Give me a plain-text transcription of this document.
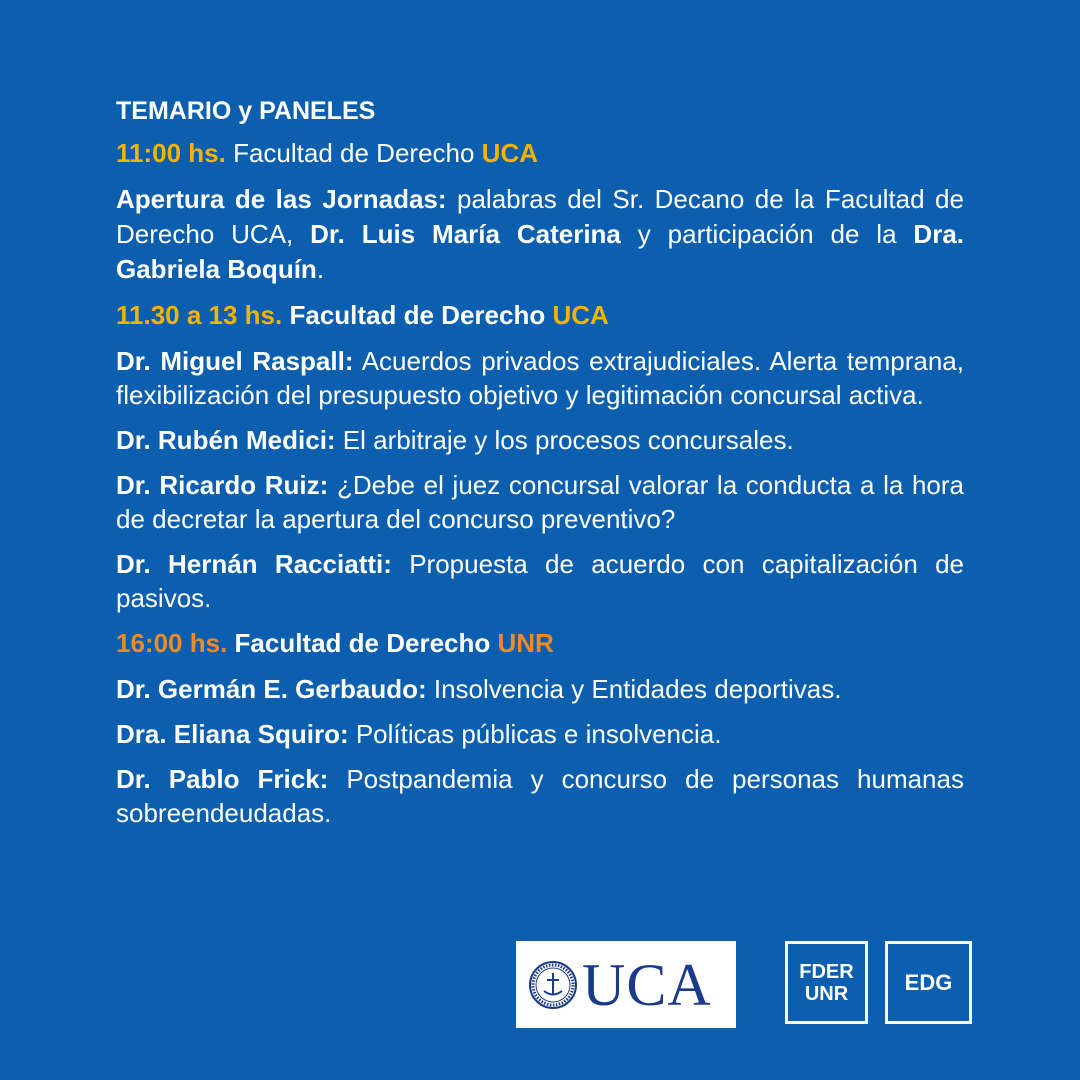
TEMARIO y PANELES
11:00 hs. Facultad de Derecho UCA

Apertura de las Jornadas: palabras del Sr. Decano de la Facultad de Derecho UCA, Dr. Luis María Caterina y participación de la Dra. Gabriela Boquín.

11.30 a 13 hs. Facultad de Derecho UCA

Dr. Miguel Raspall: Acuerdos privados extrajudiciales. Alerta temprana, flexibilización del presupuesto objetivo y legitimación concursal activa.

Dr. Rubén Medici: El arbitraje y los procesos concursales.

Dr. Ricardo Ruiz: ¿Debe el juez concursal valorar la conducta a la hora de decretar la apertura del concurso preventivo?

Dr. Hernán Racciatti: Propuesta de acuerdo con capitalización de pasivos.

16:00 hs. Facultad de Derecho UNR

Dr. Germán E. Gerbaudo: Insolvencia y Entidades deportivas.

Dra. Eliana Squiro: Políticas públicas e insolvencia.

Dr. Pablo Frick: Postpandemia y concurso de personas humanas sobreendeudadas.

UCA	FDER
UNR	EDG
